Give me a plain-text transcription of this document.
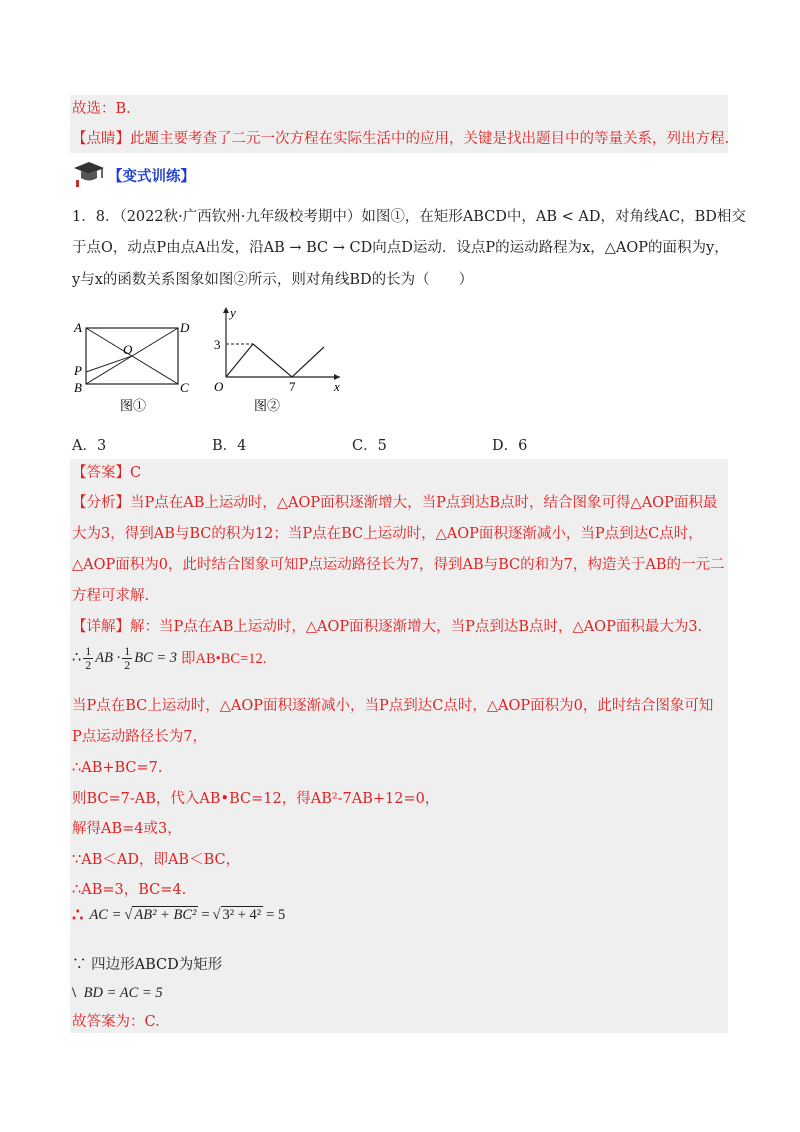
故选：B.
【点睛】此题主要考查了二元一次方程在实际生活中的应用，关键是找出题目中的等量关系，列出方程.
【变式训练】
1．8．（2022秋·广西钦州·九年级校考期中）如图①，在矩形ABCD中，AB < AD，对角线AC，BD相交
于点O，动点P由点A出发，沿AB → BC → CD向点D运动．设点P的运动路程为x，△AOP的面积为y，
y与x的函数关系图象如图②所示，则对角线BD的长为（　　）
A	D
O
P
B	C
图①
y
x
O
3
7
图②
A．3	B．4	C．5	D．6
【答案】C
【分析】当P点在AB上运动时，△AOP面积逐渐增大，当P点到达B点时，结合图象可得△AOP面积最
大为3，得到AB与BC的积为12；当P点在BC上运动时，△AOP面积逐渐减小，当P点到达C点时，
△AOP面积为0，此时结合图象可知P点运动路径长为7，得到AB与BC的和为7，构造关于AB的一元二
方程可求解.
【详解】解：当P点在AB上运动时，△AOP面积逐渐增大，当P点到达B点时，△AOP面积最大为3.
∴ $\frac{1}{2}$ AB · $\frac{1}{2}$ BC = 3 即AB•BC=12.
当P点在BC上运动时，△AOP面积逐渐减小，当P点到达C点时，△AOP面积为0，此时结合图象可知
P点运动路径长为7，
∴AB+BC=7.
则BC=7-AB，代入AB•BC=12，得AB²-7AB+12=0，
解得AB=4或3，
∵AB＜AD，即AB＜BC，
∴AB=3，BC=4.
∴ AC = √ AB² + BC² = √ 3² + 4² = 5
∵ 四边形ABCD为矩形
\ BD = AC = 5
故答案为：C.
